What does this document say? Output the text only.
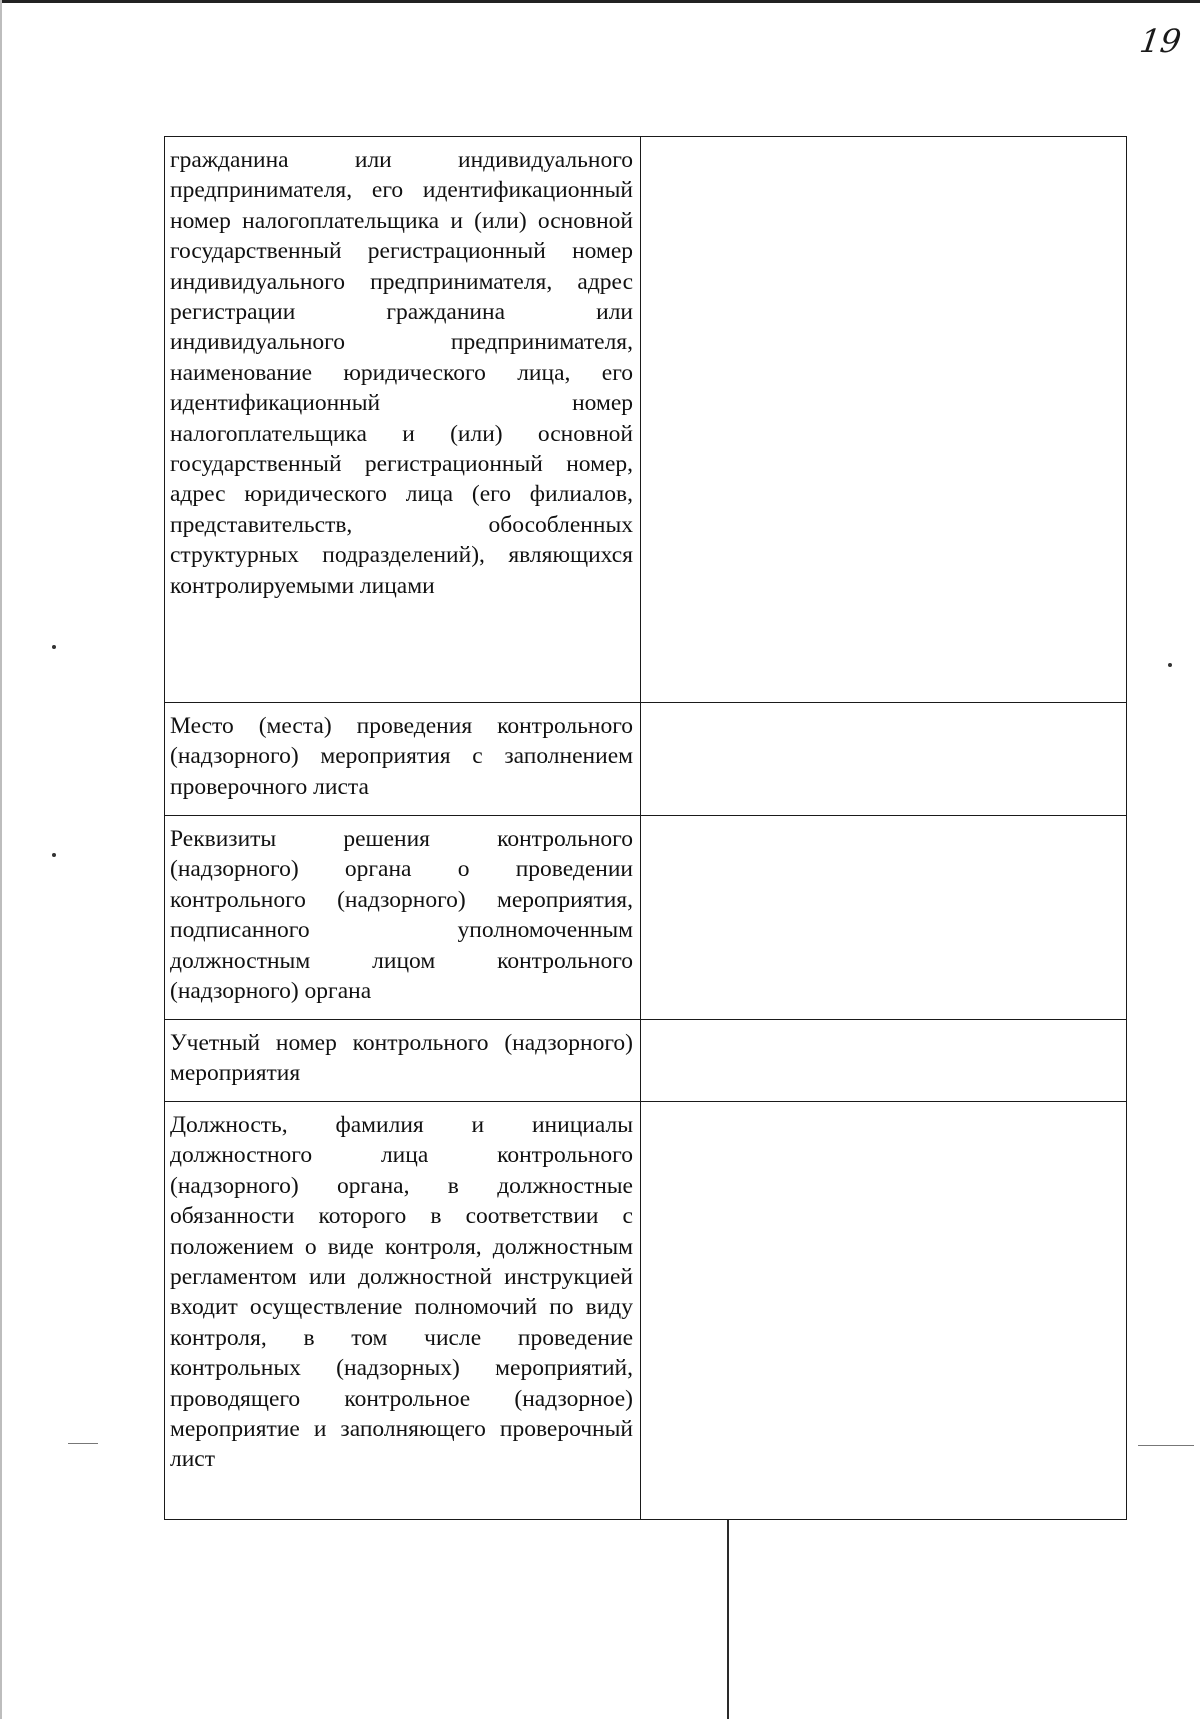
19
гражданина или индивидуального предпринимателя, его идентификационный номер налогоплательщика и (или) основной государственный регистрационный номер индивидуального предпринимателя, адрес регистрации гражданина или индивидуального предпринимателя, наименование юридического лица, его идентификационный номер налогоплательщика и (или) основной государственный регистрационный номер, адрес юридического лица (его филиалов, представительств, обособленных структурных подразделений), являющихся контролируемыми лицами	

Место (места) проведения контрольного (надзорного) мероприятия с заполнением проверочного листа	

Реквизиты решения контрольного (надзорного) органа о проведении контрольного (надзорного) мероприятия, подписанного уполномоченным должностным лицом контрольного (надзорного) органа	

Учетный номер контрольного (надзорного) мероприятия	

Должность, фамилия и инициалы должностного лица контрольного (надзорного) органа, в должностные обязанности которого в соответствии с положением о виде контроля, должностным регламентом или должностной инструкцией входит осуществление полномочий по виду контроля, в том числе проведение контрольных (надзорных) мероприятий, проводящего контрольное (надзорное) мероприятие и заполняющего проверочный лист	
